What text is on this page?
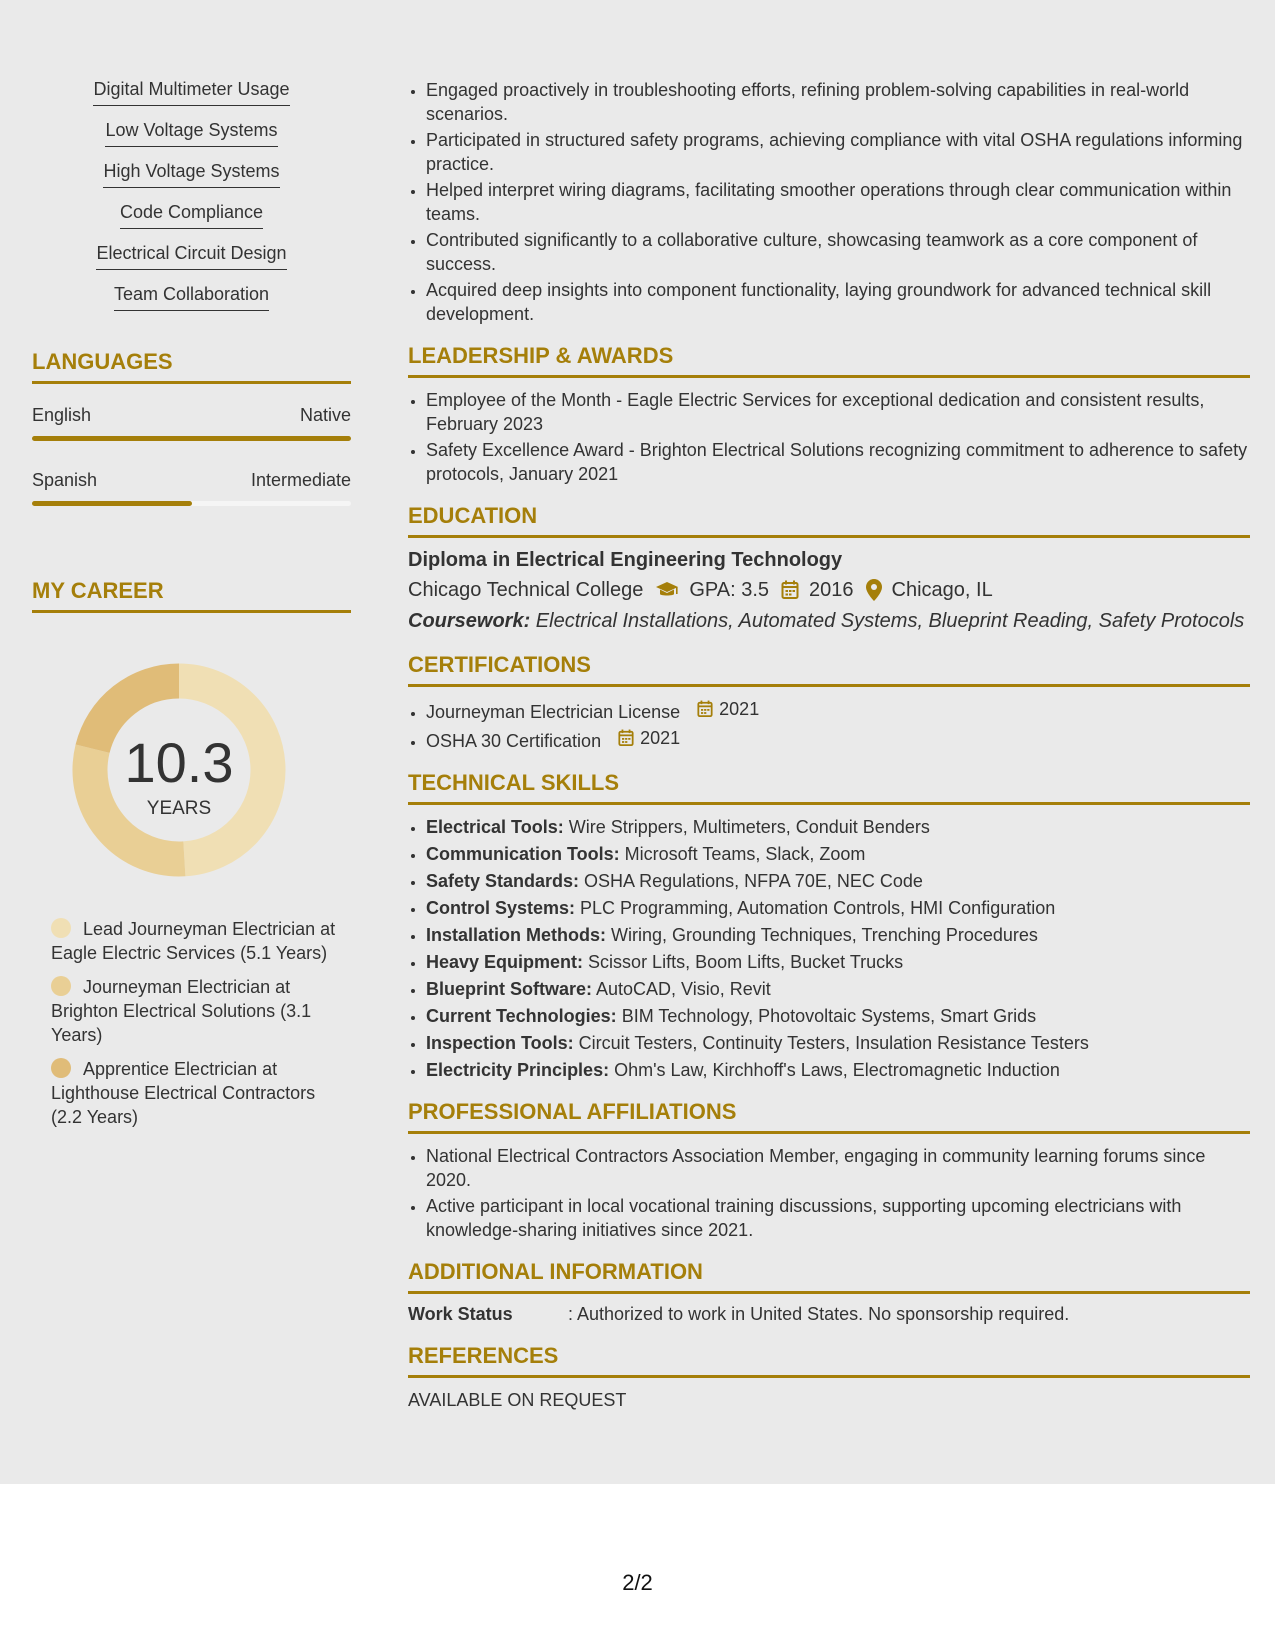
Digital Multimeter Usage
Low Voltage Systems
High Voltage Systems
Code Compliance
Electrical Circuit Design
Team Collaboration
LANGUAGES
English	Native
Spanish	Intermediate
MY CAREER
10.3
YEARS
Lead Journeyman Electrician at Eagle Electric Services (5.1 Years)
Journeyman Electrician at Brighton Electrical Solutions (3.1 Years)
Apprentice Electrician at Lighthouse Electrical Contractors (2.2 Years)
• Engaged proactively in troubleshooting efforts, refining problem-solving capabilities in real-world scenarios.
• Participated in structured safety programs, achieving compliance with vital OSHA regulations informing practice.
• Helped interpret wiring diagrams, facilitating smoother operations through clear communication within teams.
• Contributed significantly to a collaborative culture, showcasing teamwork as a core component of success.
• Acquired deep insights into component functionality, laying groundwork for advanced technical skill development.
LEADERSHIP & AWARDS
• Employee of the Month - Eagle Electric Services for exceptional dedication and consistent results, February 2023
• Safety Excellence Award - Brighton Electrical Solutions recognizing commitment to adherence to safety protocols, January 2021
EDUCATION
Diploma in Electrical Engineering Technology
Chicago Technical College GPA: 3.5 2016 Chicago, IL
Coursework: Electrical Installations, Automated Systems, Blueprint Reading, Safety Protocols
CERTIFICATIONS
• Journeyman Electrician License 2021
• OSHA 30 Certification 2021
TECHNICAL SKILLS
• Electrical Tools: Wire Strippers, Multimeters, Conduit Benders
• Communication Tools: Microsoft Teams, Slack, Zoom
• Safety Standards: OSHA Regulations, NFPA 70E, NEC Code
• Control Systems: PLC Programming, Automation Controls, HMI Configuration
• Installation Methods: Wiring, Grounding Techniques, Trenching Procedures
• Heavy Equipment: Scissor Lifts, Boom Lifts, Bucket Trucks
• Blueprint Software: AutoCAD, Visio, Revit
• Current Technologies: BIM Technology, Photovoltaic Systems, Smart Grids
• Inspection Tools: Circuit Testers, Continuity Testers, Insulation Resistance Testers
• Electricity Principles: Ohm's Law, Kirchhoff's Laws, Electromagnetic Induction
PROFESSIONAL AFFILIATIONS
• National Electrical Contractors Association Member, engaging in community learning forums since 2020.
• Active participant in local vocational training discussions, supporting upcoming electricians with knowledge-sharing initiatives since 2021.
ADDITIONAL INFORMATION
Work Status	: Authorized to work in United States. No sponsorship required.
REFERENCES
AVAILABLE ON REQUEST
2/2
